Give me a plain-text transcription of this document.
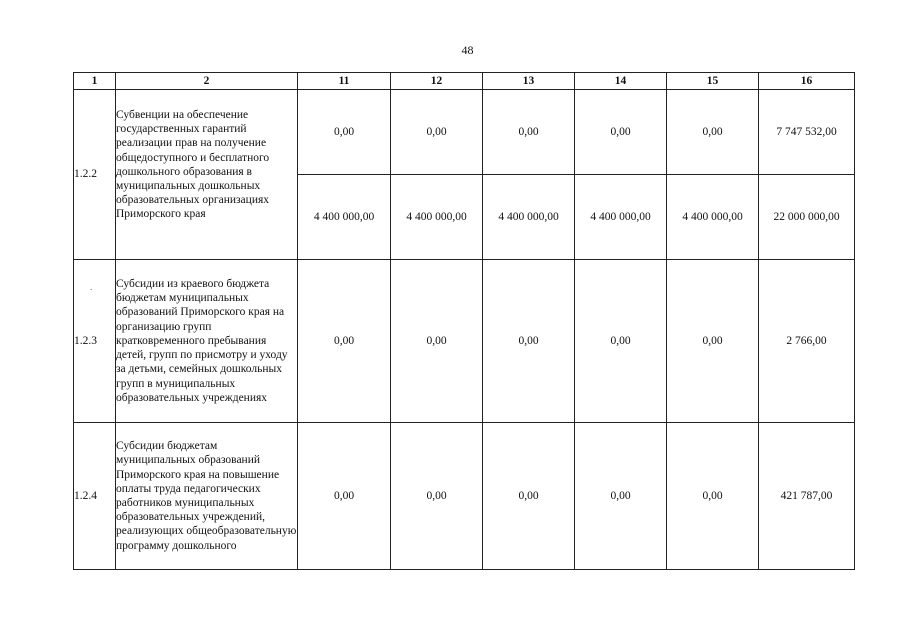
48
1	2	11	12	13	14	15	16
1.2.2	Субвенции на обеспечение государственных гарантий реализации прав на получение общедоступного и бесплатного дошкольного образования в муниципальных дошкольных образовательных организациях Приморского края	0,00	0,00	0,00	0,00	0,00	7 747 532,00
		4 400 000,00	4 400 000,00	4 400 000,00	4 400 000,00	4 400 000,00	22 000 000,00
1.2.3	Субсидии из краевого бюджета бюджетам муниципальных образований Приморского края на организацию групп кратковременного пребывания детей, групп по присмотру и уходу за детьми, семейных дошкольных групп в муниципальных образовательных учреждениях	0,00	0,00	0,00	0,00	0,00	2 766,00
1.2.4	Субсидии бюджетам муниципальных образований Приморского края на повышение оплаты труда педагогических работников муниципальных образовательных учреждений, реализующих общеобразовательную программу дошкольного	0,00	0,00	0,00	0,00	0,00	421 787,00
.
